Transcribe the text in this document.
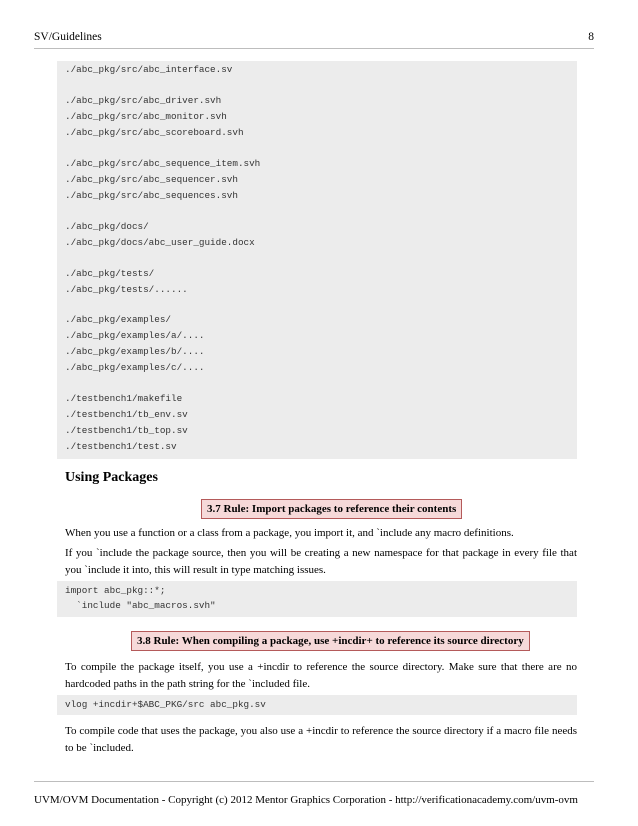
SV/Guidelines	8
./abc_pkg/src/abc_interface.sv
./abc_pkg/src/abc_driver.svh
./abc_pkg/src/abc_monitor.svh
./abc_pkg/src/abc_scoreboard.svh
./abc_pkg/src/abc_sequence_item.svh
./abc_pkg/src/abc_sequencer.svh
./abc_pkg/src/abc_sequences.svh
./abc_pkg/docs/
./abc_pkg/docs/abc_user_guide.docx
./abc_pkg/tests/
./abc_pkg/tests/......
./abc_pkg/examples/
./abc_pkg/examples/a/....
./abc_pkg/examples/b/....
./abc_pkg/examples/c/....
./testbench1/makefile
./testbench1/tb_env.sv
./testbench1/tb_top.sv
./testbench1/test.sv
Using Packages
3.7 Rule: Import packages to reference their contents
When you use a function or a class from a package, you import it, and `include any macro definitions.
If you `include the package source, then you will be creating a new namespace for that package in every file that you `include it into, this will result in type matching issues.
import abc_pkg::*;
`include "abc_macros.svh"
3.8 Rule: When compiling a package, use +incdir+ to reference its source directory
To compile the package itself, you use a +incdir to reference the source directory. Make sure that there are no hardcoded paths in the path string for the `included file.
vlog +incdir+$ABC_PKG/src abc_pkg.sv
To compile code that uses the package, you also use a +incdir to reference the source directory if a macro file needs to be `included.
UVM/OVM Documentation - Copyright (c) 2012 Mentor Graphics Corporation - http://verificationacademy.com/uvm-ovm
